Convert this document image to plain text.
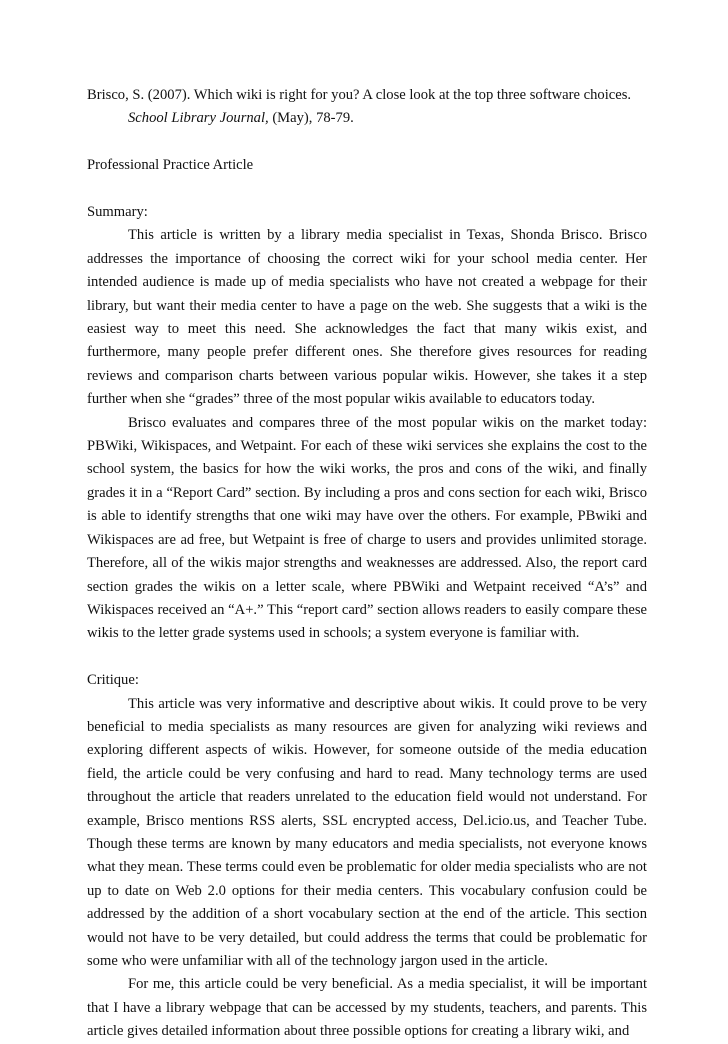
Brisco, S. (2007). Which wiki is right for you? A close look at the top three software choices.

School Library Journal, (May), 78-79.

Professional Practice Article

Summary:

This article is written by a library media specialist in Texas, Shonda Brisco. Brisco addresses the importance of choosing the correct wiki for your school media center. Her intended audience is made up of media specialists who have not created a webpage for their library, but want their media center to have a page on the web. She suggests that a wiki is the easiest way to meet this need. She acknowledges the fact that many wikis exist, and furthermore, many people prefer different ones. She therefore gives resources for reading reviews and comparison charts between various popular wikis. However, she takes it a step further when she “grades” three of the most popular wikis available to educators today.

Brisco evaluates and compares three of the most popular wikis on the market today: PBWiki, Wikispaces, and Wetpaint. For each of these wiki services she explains the cost to the school system, the basics for how the wiki works, the pros and cons of the wiki, and finally grades it in a “Report Card” section. By including a pros and cons section for each wiki, Brisco is able to identify strengths that one wiki may have over the others. For example, PBwiki and Wikispaces are ad free, but Wetpaint is free of charge to users and provides unlimited storage. Therefore, all of the wikis major strengths and weaknesses are addressed. Also, the report card section grades the wikis on a letter scale, where PBWiki and Wetpaint received “A’s” and Wikispaces received an “A+.” This “report card” section allows readers to easily compare these wikis to the letter grade systems used in schools; a system everyone is familiar with.

Critique:

This article was very informative and descriptive about wikis. It could prove to be very beneficial to media specialists as many resources are given for analyzing wiki reviews and exploring different aspects of wikis. However, for someone outside of the media education field, the article could be very confusing and hard to read. Many technology terms are used throughout the article that readers unrelated to the education field would not understand. For example, Brisco mentions RSS alerts, SSL encrypted access, Del.icio.us, and Teacher Tube. Though these terms are known by many educators and media specialists, not everyone knows what they mean. These terms could even be problematic for older media specialists who are not up to date on Web 2.0 options for their media centers. This vocabulary confusion could be addressed by the addition of a short vocabulary section at the end of the article. This section would not have to be very detailed, but could address the terms that could be problematic for some who were unfamiliar with all of the technology jargon used in the article.

For me, this article could be very beneficial. As a media specialist, it will be important that I have a library webpage that can be accessed by my students, teachers, and parents. This article gives detailed information about three possible options for creating a library wiki, and
